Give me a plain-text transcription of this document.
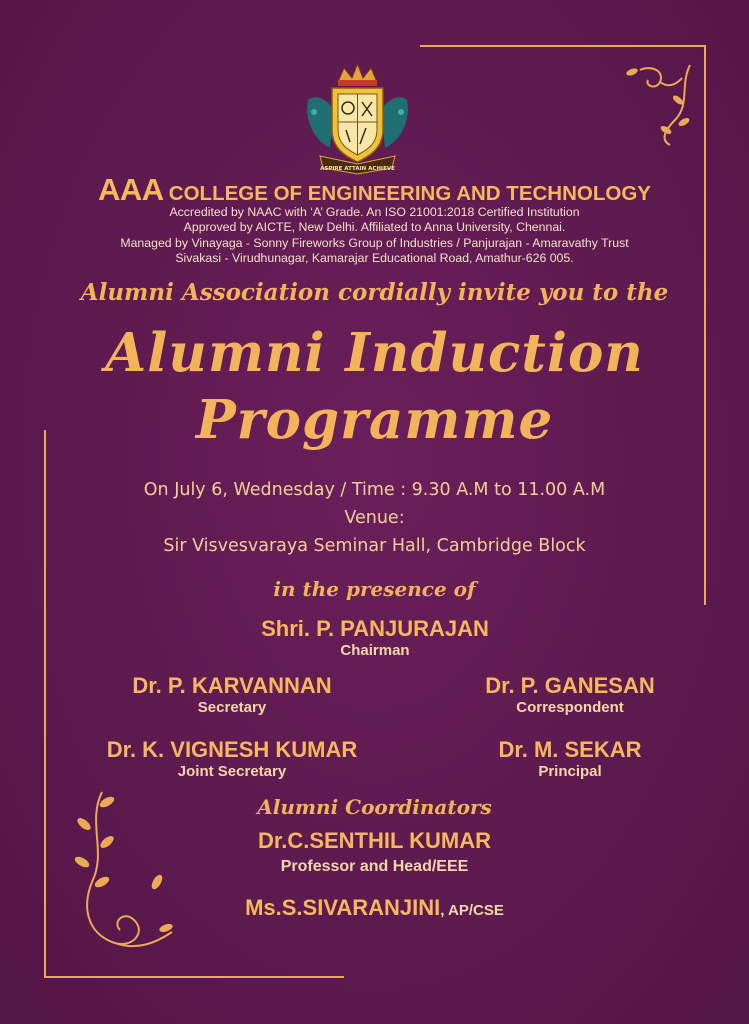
ASPIRE ATTAIN ACHIEVE
AAA COLLEGE OF ENGINEERING AND TECHNOLOGY
Accredited by NAAC with ‘A’ Grade. An ISO 21001:2018 Certified Institution
Approved by AICTE, New Delhi. Affiliated to Anna University, Chennai.
Managed by Vinayaga - Sonny Fireworks Group of Industries / Panjurajan - Amaravathy Trust
Sivakasi - Virudhunagar, Kamarajar Educational Road, Amathur-626 005.
Alumni Association cordially invite you to the
Alumni Induction
Programme
On July 6, Wednesday / Time : 9.30 A.M to 11.00 A.M
Venue:
Sir Visvesvaraya Seminar Hall, Cambridge Block
in the presence of
Shri. P. PANJURAJAN
Chairman
Dr. P. KARVANNAN
Secretary
Dr. P. GANESAN
Correspondent
Dr. K. VIGNESH KUMAR
Joint Secretary
Dr. M. SEKAR
Principal
Alumni Coordinators
Dr.C.SENTHIL KUMAR
Professor and Head/EEE
Ms.S.SIVARANJINI, AP/CSE
